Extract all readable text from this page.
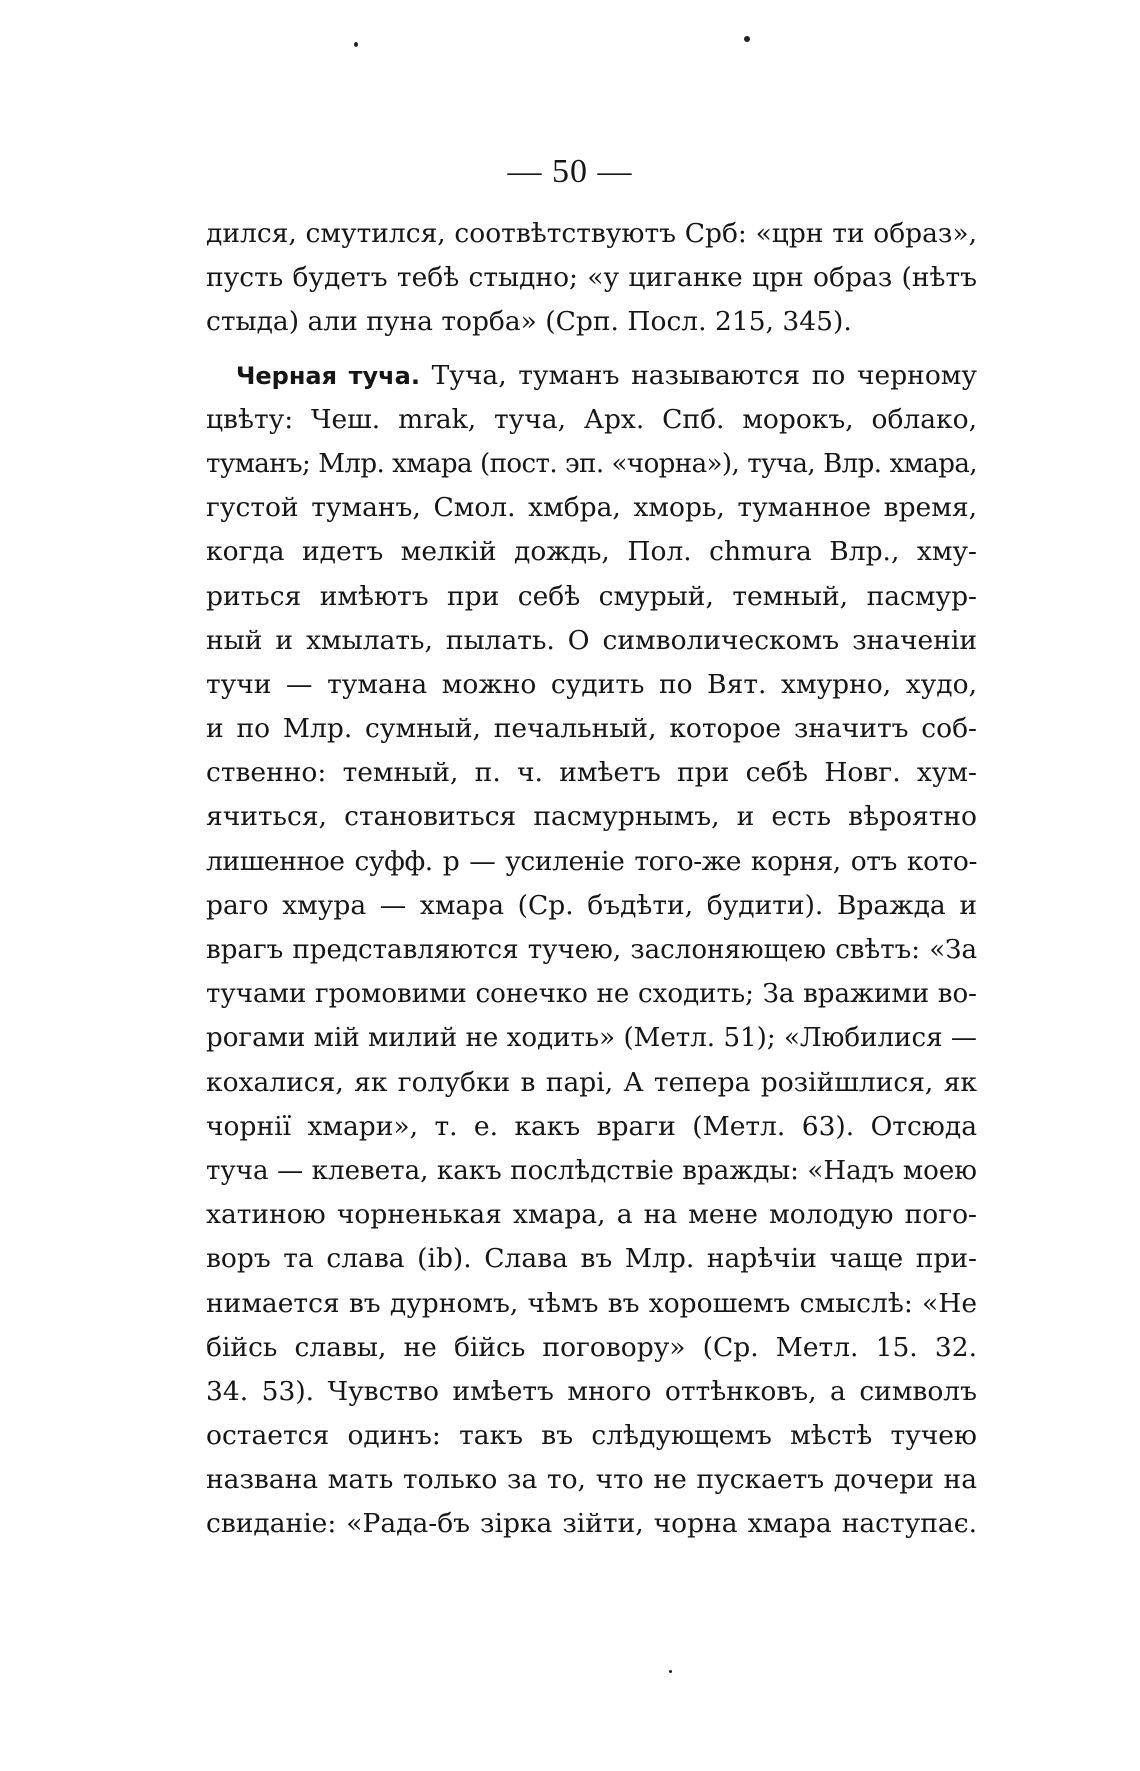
— 50 —
дился, смутился, соотвѣтствуютъ Срб: «црн ти образ»,
пусть будетъ тебѣ стыдно; «у циганке црн образ (нѣтъ
стыда) али пуна торба» (Срп. Посл. 215, 345).
Черная туча. Туча, туманъ называются по черному
цвѣту: Чеш. mrak, туча, Арх. Спб. морокъ, облако,
туманъ; Млр. хмара (пост. эп. «чорна»), туча, Влр. хмара,
густой туманъ, Смол. хмбра, хморь, туманное время,
когда идетъ мелкій дождь, Пол. chmura Влр., хму-
риться имѣютъ при себѣ смурый, темный, пасмур-
ный и хмылать, пылать. О символическомъ значеніи
тучи — тумана можно судить по Вят. хмурно, худо,
и по Млр. сумный, печальный, которое значитъ соб-
ственно: темный, п. ч. имѣетъ при себѣ Новг. хум-
ячиться, становиться пасмурнымъ, и есть вѣроятно
лишенное суфф. р — усиленіе того-же корня, отъ кото-
раго хмура — хмара (Ср. бъдѣти, будити). Вражда и
врагъ представляются тучею, заслоняющею свѣтъ: «За
тучами громовими сонечко не сходить; За вражими во-
рогами мій милий не ходить» (Метл. 51); «Любилися —
кохалися, як голубки в парі, А тепера розійшлися, як
чорнії хмари», т. е. какъ враги (Метл. 63). Отсюда
туча — клевета, какъ послѣдствіе вражды: «Надъ моею
хатиною чорненькая хмара, а на мене молодую пого-
воръ та слава (ib). Слава въ Млр. нарѣчіи чаще при-
нимается въ дурномъ, чѣмъ въ хорошемъ смыслѣ: «Не
бійсь славы, не бійсь поговору» (Ср. Метл. 15. 32.
34. 53). Чувство имѣетъ много оттѣнковъ, а символъ
остается одинъ: такъ въ слѣдующемъ мѣстѣ тучею
названа мать только за то, что не пускаетъ дочери на
свиданіе: «Рада-бъ зірка зійти, чорна хмара наступає.
